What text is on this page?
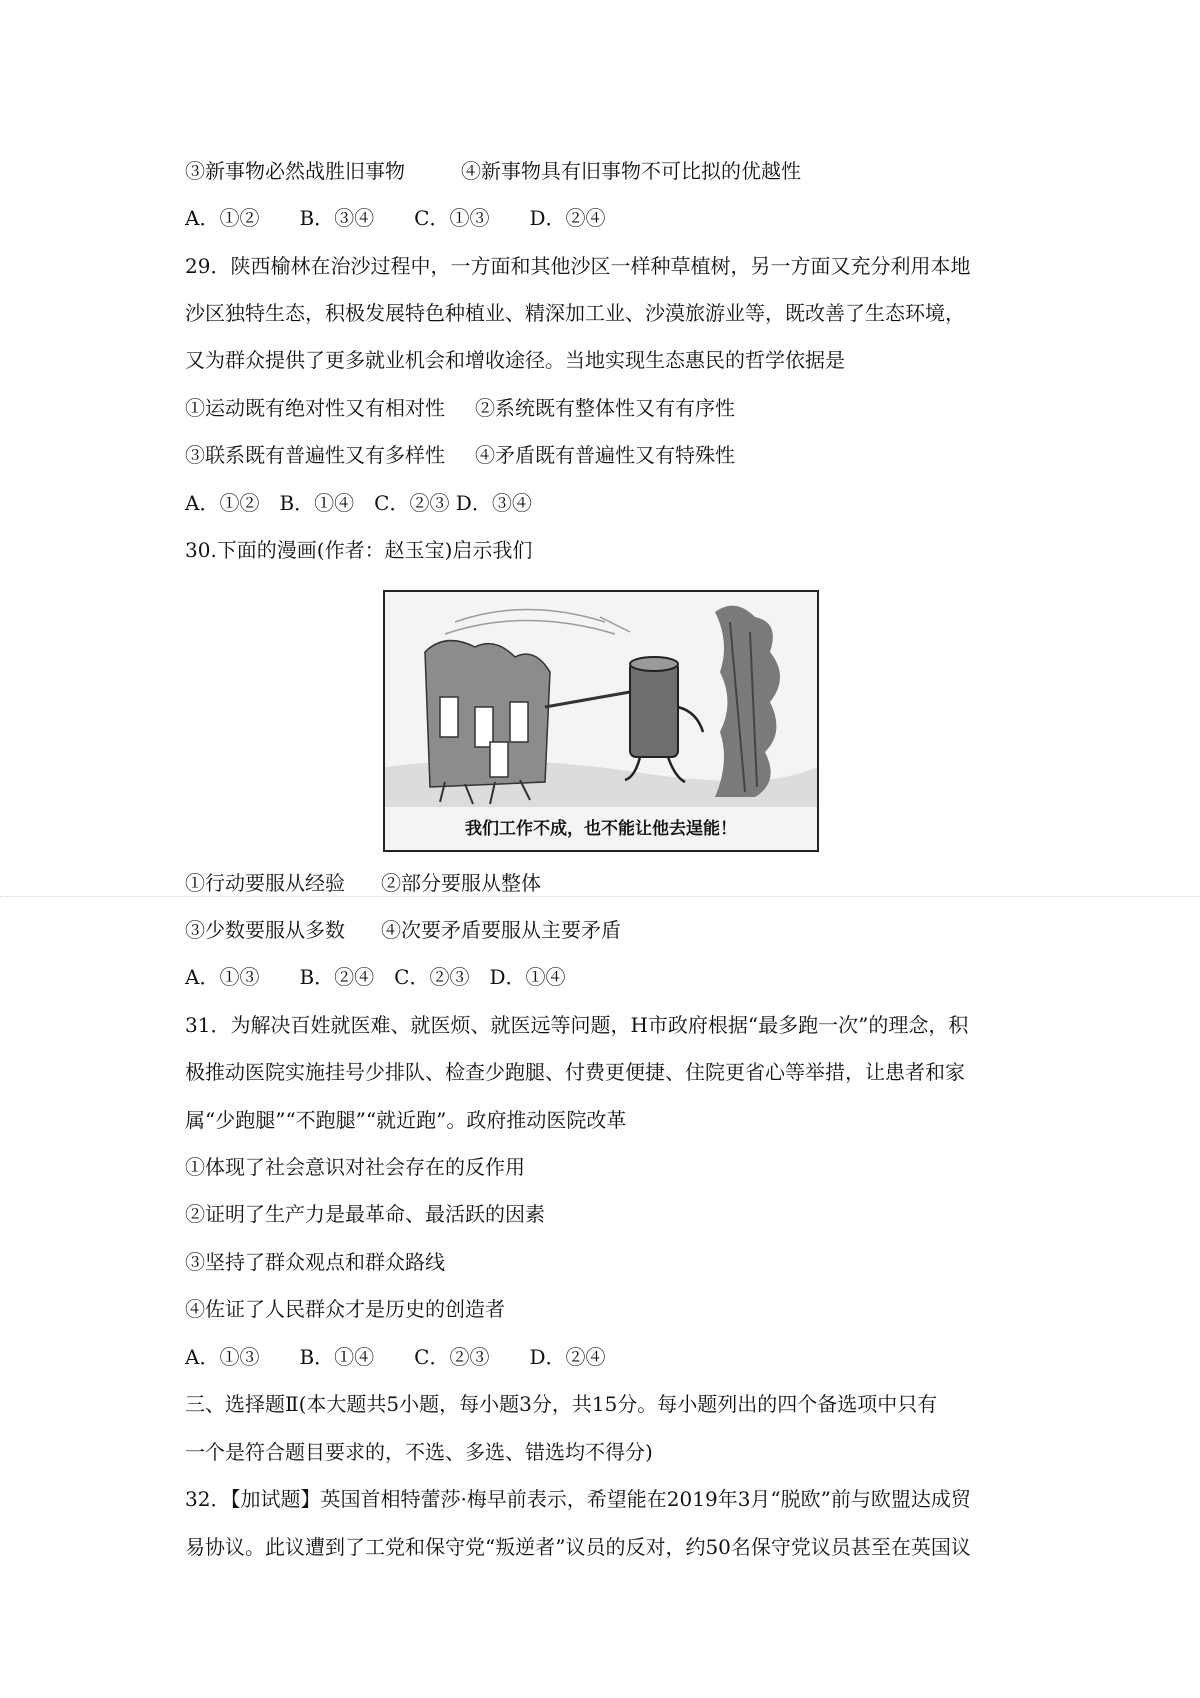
③新事物必然战胜旧事物	④新事物具有旧事物不可比拟的优越性
A．①②　　B．③④　　C．①③　　D．②④
29．陕西榆林在治沙过程中，一方面和其他沙区一样种草植树，另一方面又充分利用本地
沙区独特生态，积极发展特色种植业、精深加工业、沙漠旅游业等，既改善了生态环境，
又为群众提供了更多就业机会和增收途径。当地实现生态惠民的哲学依据是
①运动既有绝对性又有相对性 ②系统既有整体性又有有序性
③联系既有普遍性又有多样性 ④矛盾既有普遍性又有特殊性
A．①②　B．①④　C．②③ D．③④
30.下面的漫画(作者：赵玉宝)启示我们
我们工作不成，也不能让他去逞能！
①行动要服从经验 ②部分要服从整体
③少数要服从多数 ④次要矛盾要服从主要矛盾
A．①③　　B．②④　C．②③　D．①④
31．为解决百姓就医难、就医烦、就医远等问题，H市政府根据“最多跑一次”的理念，积
极推动医院实施挂号少排队、检查少跑腿、付费更便捷、住院更省心等举措，让患者和家
属“少跑腿”“不跑腿”“就近跑”。政府推动医院改革
①体现了社会意识对社会存在的反作用
②证明了生产力是最革命、最活跃的因素
③坚持了群众观点和群众路线
④佐证了人民群众才是历史的创造者
A．①③　　B．①④　　C．②③　　D．②④
三、选择题Ⅱ(本大题共5小题，每小题3分，共15分。每小题列出的四个备选项中只有
一个是符合题目要求的，不选、多选、错选均不得分)
32．【加试题】英国首相特蕾莎·梅早前表示，希望能在2019年3月“脱欧”前与欧盟达成贸
易协议。此议遭到了工党和保守党“叛逆者”议员的反对，约50名保守党议员甚至在英国议
